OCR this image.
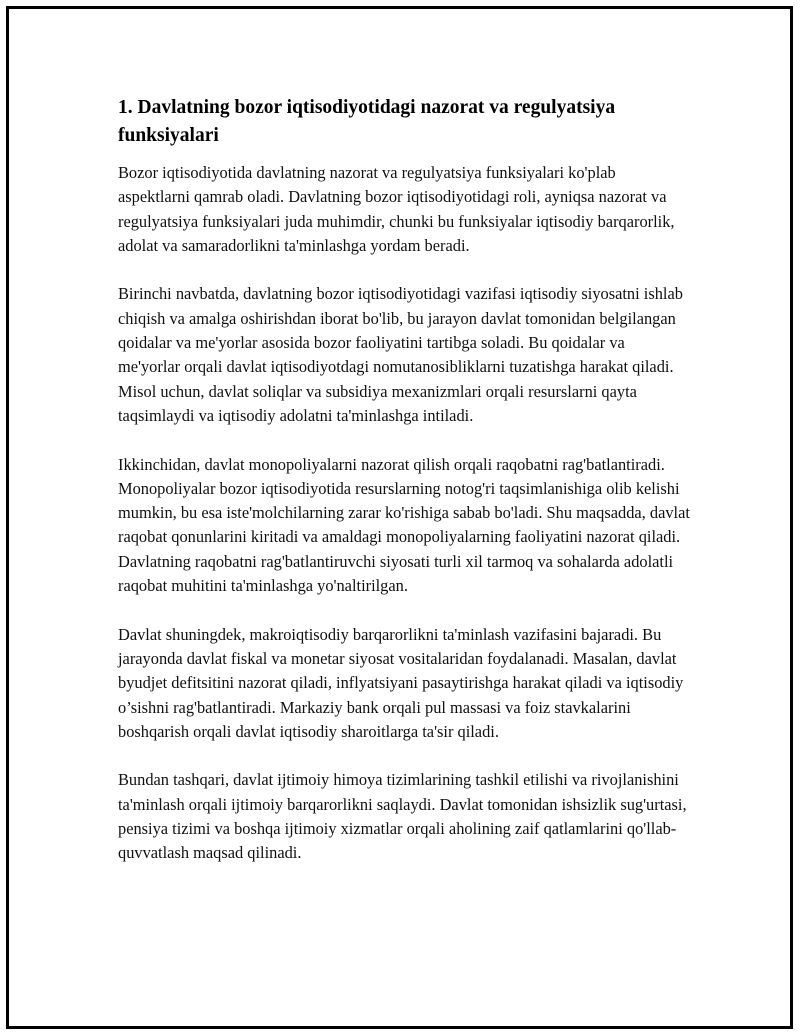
1. Davlatning bozor iqtisodiyotidagi nazorat va regulyatsiya funksiyalari

Bozor iqtisodiyotida davlatning nazorat va regulyatsiya funksiyalari ko'plab aspektlarni qamrab oladi. Davlatning bozor iqtisodiyotidagi roli, ayniqsa nazorat va regulyatsiya funksiyalari juda muhimdir, chunki bu funksiyalar iqtisodiy barqarorlik, adolat va samaradorlikni ta'minlashga yordam beradi.

Birinchi navbatda, davlatning bozor iqtisodiyotidagi vazifasi iqtisodiy siyosatni ishlab chiqish va amalga oshirishdan iborat bo'lib, bu jarayon davlat tomonidan belgilangan qoidalar va me'yorlar asosida bozor faoliyatini tartibga soladi. Bu qoidalar va me'yorlar orqali davlat iqtisodiyotdagi nomutanosibliklarni tuzatishga harakat qiladi. Misol uchun, davlat soliqlar va subsidiya mexanizmlari orqali resurslarni qayta taqsimlaydi va iqtisodiy adolatni ta'minlashga intiladi.

Ikkinchidan, davlat monopoliyalarni nazorat qilish orqali raqobatni rag'batlantiradi. Monopoliyalar bozor iqtisodiyotida resurslarning notog'ri taqsimlanishiga olib kelishi mumkin, bu esa iste'molchilarning zarar ko'rishiga sabab bo'ladi. Shu maqsadda, davlat raqobat qonunlarini kiritadi va amaldagi monopoliyalarning faoliyatini nazorat qiladi. Davlatning raqobatni rag'batlantiruvchi siyosati turli xil tarmoq va sohalarda adolatli raqobat muhitini ta'minlashga yo'naltirilgan.

Davlat shuningdek, makroiqtisodiy barqarorlikni ta'minlash vazifasini bajaradi. Bu jarayonda davlat fiskal va monetar siyosat vositalaridan foydalanadi. Masalan, davlat byudjet defitsitini nazorat qiladi, inflyatsiyani pasaytirishga harakat qiladi va iqtisodiy o’sishni rag'batlantiradi. Markaziy bank orqali pul massasi va foiz stavkalarini boshqarish orqali davlat iqtisodiy sharoitlarga ta'sir qiladi.

Bundan tashqari, davlat ijtimoiy himoya tizimlarining tashkil etilishi va rivojlanishini ta'minlash orqali ijtimoiy barqarorlikni saqlaydi. Davlat tomonidan ishsizlik sug'urtasi, pensiya tizimi va boshqa ijtimoiy xizmatlar orqali aholining zaif qatlamlarini qo'llab-quvvatlash maqsad qilinadi.
